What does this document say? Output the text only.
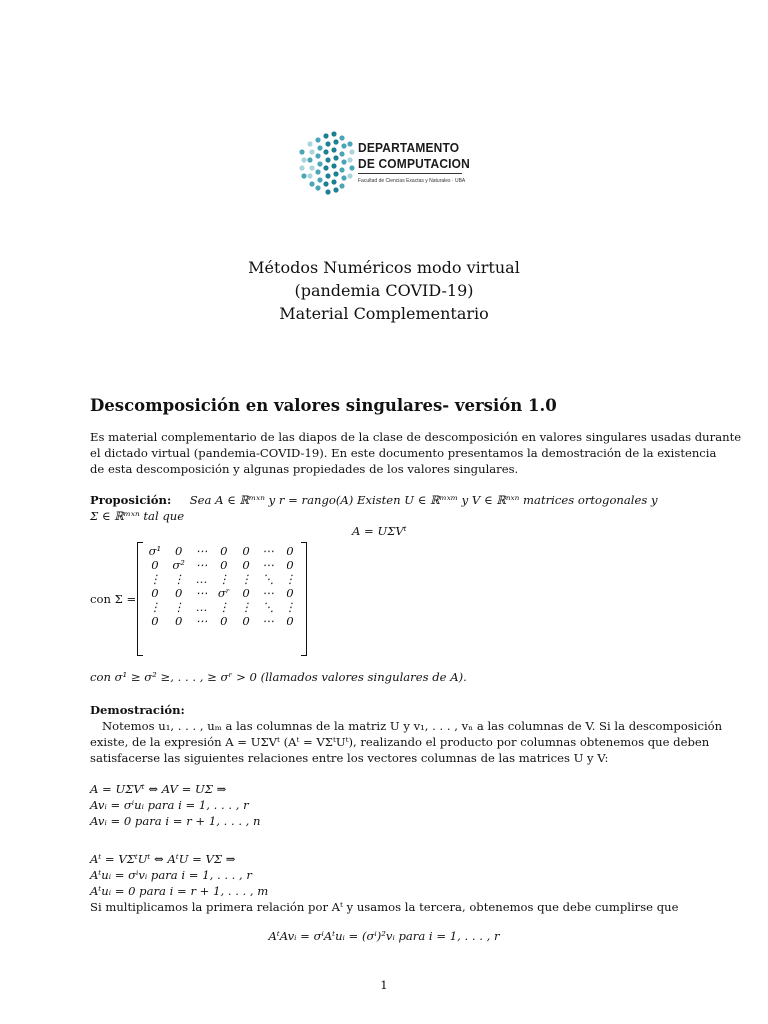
DEPARTAMENTO
DE COMPUTACION
Facultad de Ciencias Exactas y Naturales · UBA
Métodos Numéricos modo virtual
(pandemia COVID-19)
Material Complementario
Descomposición en valores singulares- versión 1.0
Es material complementario de las diapos de la clase de descomposición en valores singulares usadas durante
el dictado virtual (pandemia-COVID-19). En este documento presentamos la demostración de la existencia
de esta descomposición y algunas propiedades de los valores singulares.
Proposición: Sea A ∈ ℝᵐˣⁿ y r = rango(A) Existen U ∈ ℝᵐˣᵐ y V ∈ ℝⁿˣⁿ matrices ortogonales y
Σ ∈ ℝᵐˣⁿ tal que
A = UΣVᵗ
con Σ =
σ¹	0	⋯	0	0	⋯	0
0	σ²	⋯	0	0	⋯	0
⋮	⋮	…	⋮	⋮	⋱	⋮
0	0	⋯	σʳ	0	⋯	0
⋮	⋮	…	⋮	⋮	⋱	⋮
0	0	⋯	0	0	⋯	0
con σ¹ ≥ σ² ≥, . . . , ≥ σʳ > 0 (llamados valores singulares de A).
Demostración:
Notemos u₁, . . . , uₘ a las columnas de la matriz U y v₁, . . . , vₙ a las columnas de V. Si la descomposición
existe, de la expresión A = UΣVᵗ (Aᵗ = VΣᵗUᵗ), realizando el producto por columnas obtenemos que deben
satisfacerse las siguientes relaciones entre los vectores columnas de las matrices U y V:
A = UΣVᵗ ⇔ AV = UΣ ⇒
Avᵢ = σⁱuᵢ para i = 1, . . . , r
Avᵢ = 0 para i = r + 1, . . . , n
Aᵗ = VΣᵗUᵗ ⇔ AᵗU = VΣ ⇒
Aᵗuᵢ = σⁱvᵢ para i = 1, . . . , r
Aᵗuᵢ = 0 para i = r + 1, . . . , m
Si multiplicamos la primera relación por Aᵗ y usamos la tercera, obtenemos que debe cumplirse que
AᵗAvᵢ = σⁱAᵗuᵢ = (σⁱ)²vᵢ para i = 1, . . . , r
1
